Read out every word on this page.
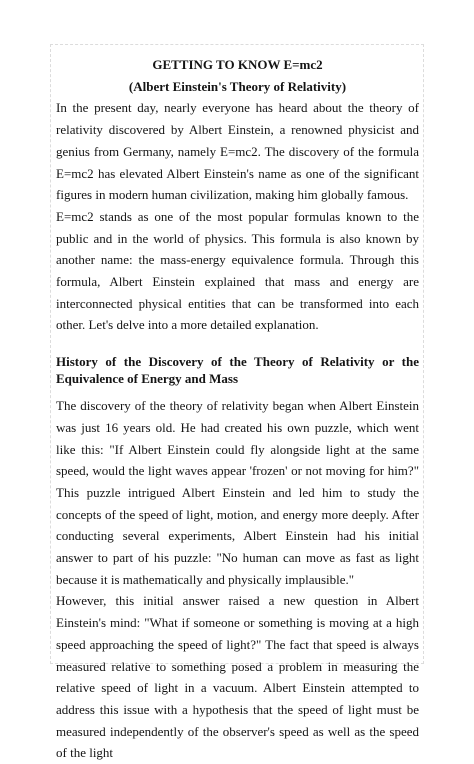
GETTING TO KNOW E=mc2

(Albert Einstein's Theory of Relativity)

In the present day, nearly everyone has heard about the theory of relativity discovered by Albert Einstein, a renowned physicist and genius from Germany, namely E=mc2. The discovery of the formula E=mc2 has elevated Albert Einstein's name as one of the significant figures in modern human civilization, making him globally famous.

E=mc2 stands as one of the most popular formulas known to the public and in the world of physics. This formula is also known by another name: the mass-energy equivalence formula. Through this formula, Albert Einstein explained that mass and energy are interconnected physical entities that can be transformed into each other. Let's delve into a more detailed explanation.

History of the Discovery of the Theory of Relativity or the Equivalence of Energy and Mass

The discovery of the theory of relativity began when Albert Einstein was just 16 years old. He had created his own puzzle, which went like this: "If Albert Einstein could fly alongside light at the same speed, would the light waves appear 'frozen' or not moving for him?" This puzzle intrigued Albert Einstein and led him to study the concepts of the speed of light, motion, and energy more deeply. After conducting several experiments, Albert Einstein had his initial answer to part of his puzzle: "No human can move as fast as light because it is mathematically and physically implausible."

However, this initial answer raised a new question in Albert Einstein's mind: "What if someone or something is moving at a high speed approaching the speed of light?" The fact that speed is always measured relative to something posed a problem in measuring the relative speed of light in a vacuum. Albert Einstein attempted to address this issue with a hypothesis that the speed of light must be measured independently of the observer's speed as well as the speed of the light
